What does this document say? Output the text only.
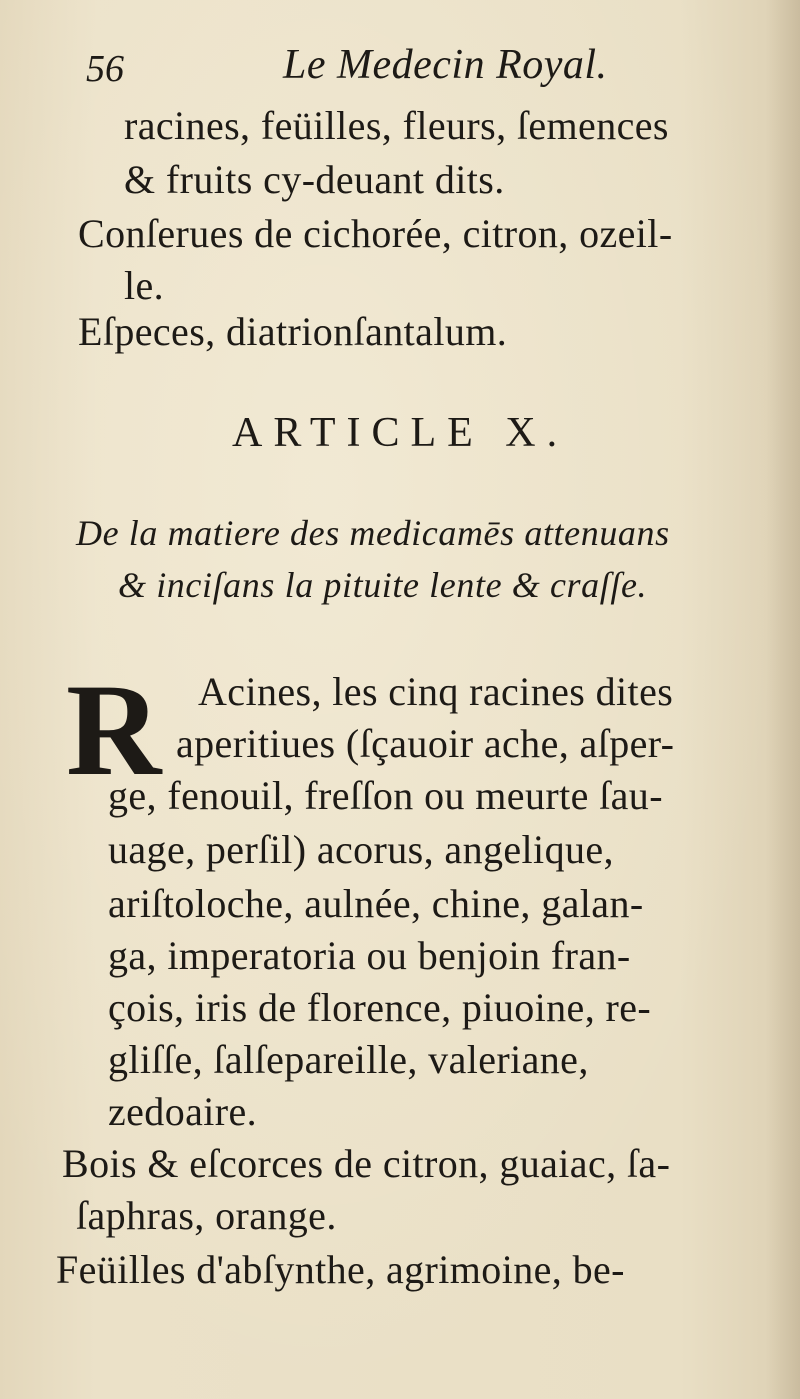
56	Le Medecin Royal.
racines, feüilles, fleurs, ſemences
& fruits cy-deuant dits.
Conſerues de cichorée, citron, ozeil-
le.
Eſpeces, diatrionſantalum.
ARTICLE X.
De la matiere des medicamēs attenuans
& inciſans la pituite lente & craſſe.
R Acines, les cinq racines dites
aperitiues (ſçauoir ache, aſper-
ge, fenouil, freſſon ou meurte ſau-
uage, perſil) acorus, angelique,
ariſtoloche, aulnée, chine, galan-
ga, imperatoria ou benjoin fran-
çois, iris de florence, piuoine, re-
gliſſe, ſalſepareille, valeriane,
zedoaire.
Bois & eſcorces de citron, guaiac, ſa-
ſaphras, orange.
Feüilles d'abſynthe, agrimoine, be-
